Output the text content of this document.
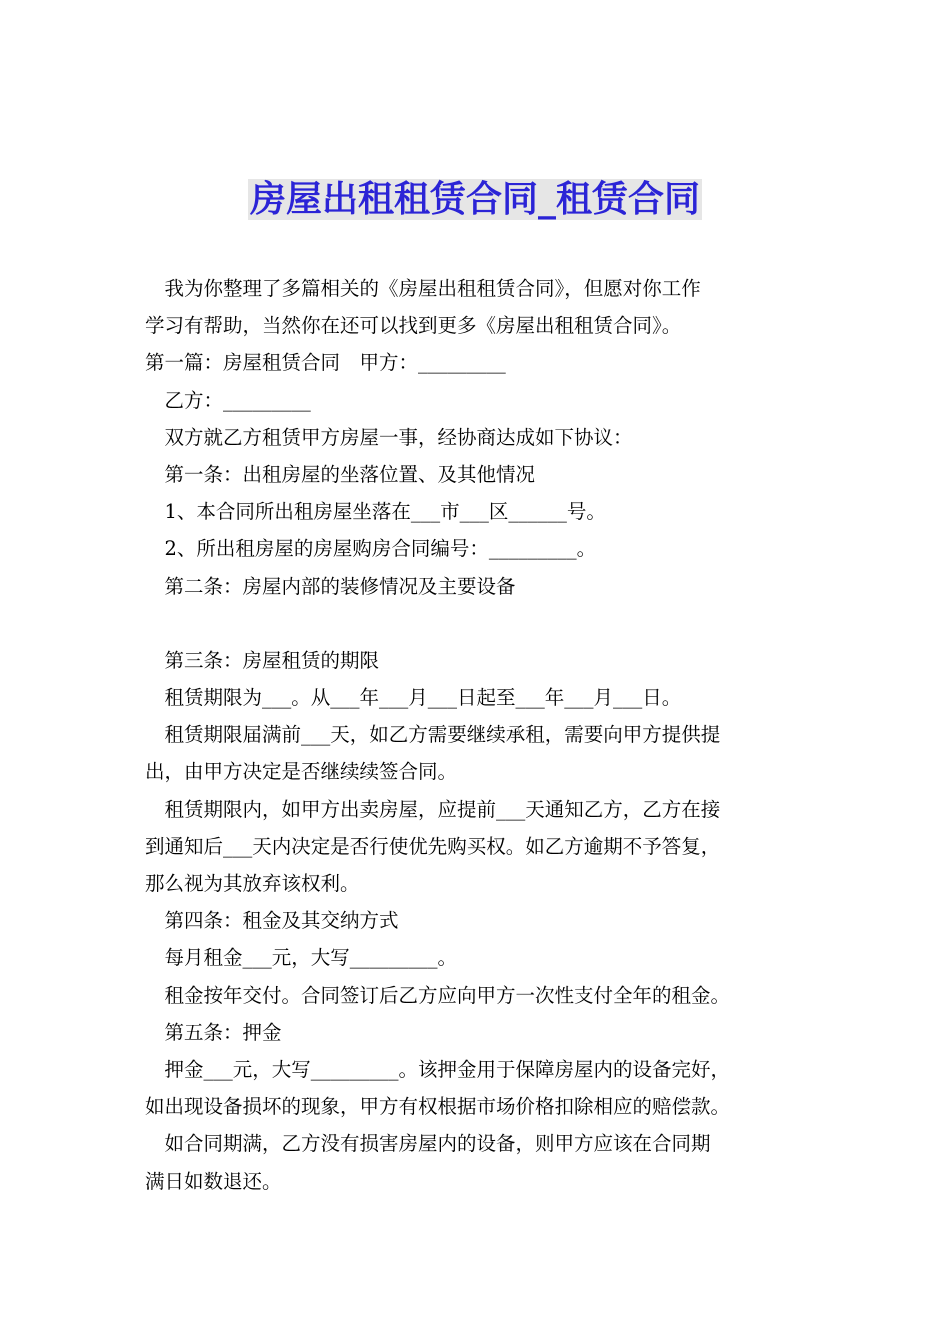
房屋出租租赁合同_租赁合同

　我为你整理了多篇相关的《房屋出租租赁合同》，但愿对你工作

学习有帮助，当然你在还可以找到更多《房屋出租租赁合同》。

第一篇：房屋租赁合同　甲方：_________

　乙方：_________

　双方就乙方租赁甲方房屋一事，经协商达成如下协议：

　第一条：出租房屋的坐落位置、及其他情况

　1、本合同所出租房屋坐落在___市___区______号。

　2、所出租房屋的房屋购房合同编号：_________。

　第二条：房屋内部的装修情况及主要设备

　第三条：房屋租赁的期限

　租赁期限为___。从___年___月___日起至___年___月___日。

　租赁期限届满前___天，如乙方需要继续承租，需要向甲方提供提

出，由甲方决定是否继续续签合同。

　租赁期限内，如甲方出卖房屋，应提前___天通知乙方，乙方在接

到通知后___天内决定是否行使优先购买权。如乙方逾期不予答复，

那么视为其放弃该权利。

　第四条：租金及其交纳方式

　每月租金___元，大写_________。

　租金按年交付。合同签订后乙方应向甲方一次性支付全年的租金。

　第五条：押金

　押金___元，大写_________。该押金用于保障房屋内的设备完好，

如出现设备损坏的现象，甲方有权根据市场价格扣除相应的赔偿款。

　如合同期满，乙方没有损害房屋内的设备，则甲方应该在合同期

满日如数退还。
